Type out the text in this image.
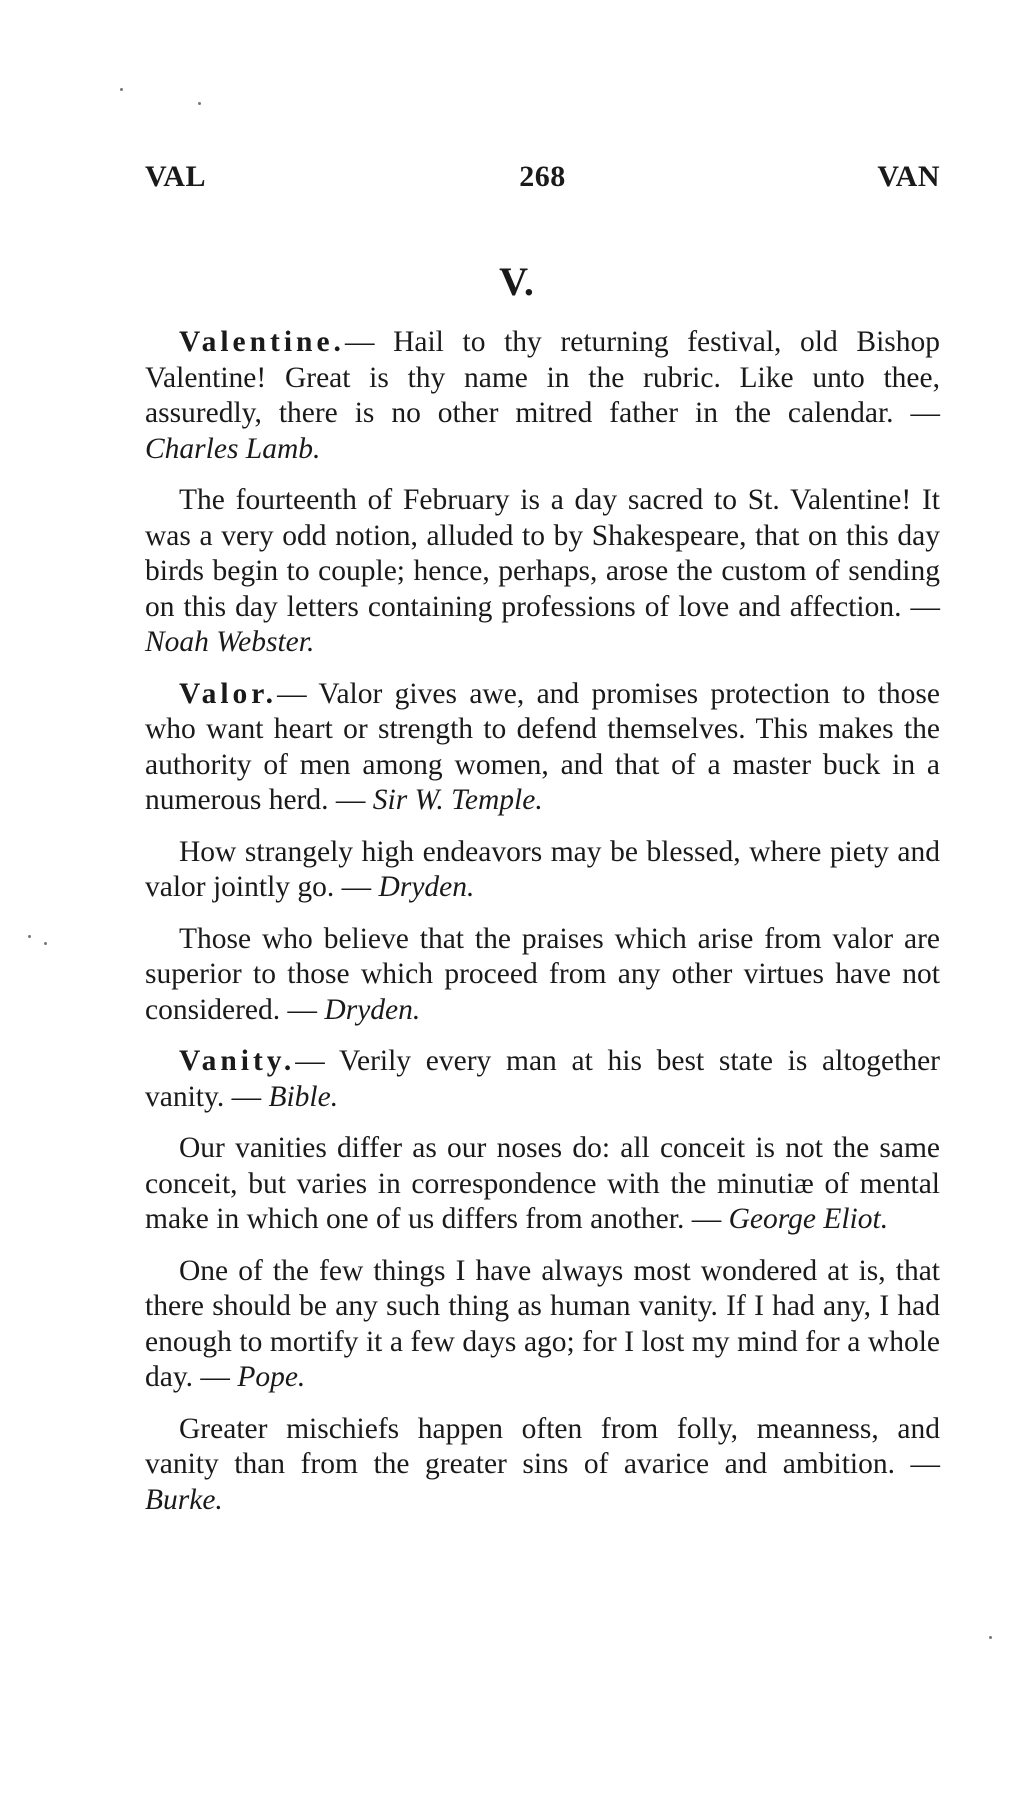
VAL	268	VAN
V.

Valentine.— Hail to thy returning festival, old Bishop Valentine! Great is thy name in the rubric. Like unto thee, assuredly, there is no other mitred father in the calendar. — Charles Lamb.

The fourteenth of February is a day sacred to St. Valentine! It was a very odd notion, alluded to by Shakespeare, that on this day birds begin to couple; hence, perhaps, arose the custom of sending on this day letters containing professions of love and affection. — Noah Webster.

Valor.— Valor gives awe, and promises protection to those who want heart or strength to defend themselves. This makes the authority of men among women, and that of a master buck in a numerous herd. — Sir W. Temple.

How strangely high endeavors may be blessed, where piety and valor jointly go. — Dryden.

Those who believe that the praises which arise from valor are superior to those which proceed from any other virtues have not considered. — Dryden.

Vanity.— Verily every man at his best state is altogether vanity. — Bible.

Our vanities differ as our noses do: all conceit is not the same conceit, but varies in correspondence with the minutiæ of mental make in which one of us differs from another. — George Eliot.

One of the few things I have always most wondered at is, that there should be any such thing as human vanity. If I had any, I had enough to mortify it a few days ago; for I lost my mind for a whole day. — Pope.

Greater mischiefs happen often from folly, meanness, and vanity than from the greater sins of avarice and ambition. — Burke.
